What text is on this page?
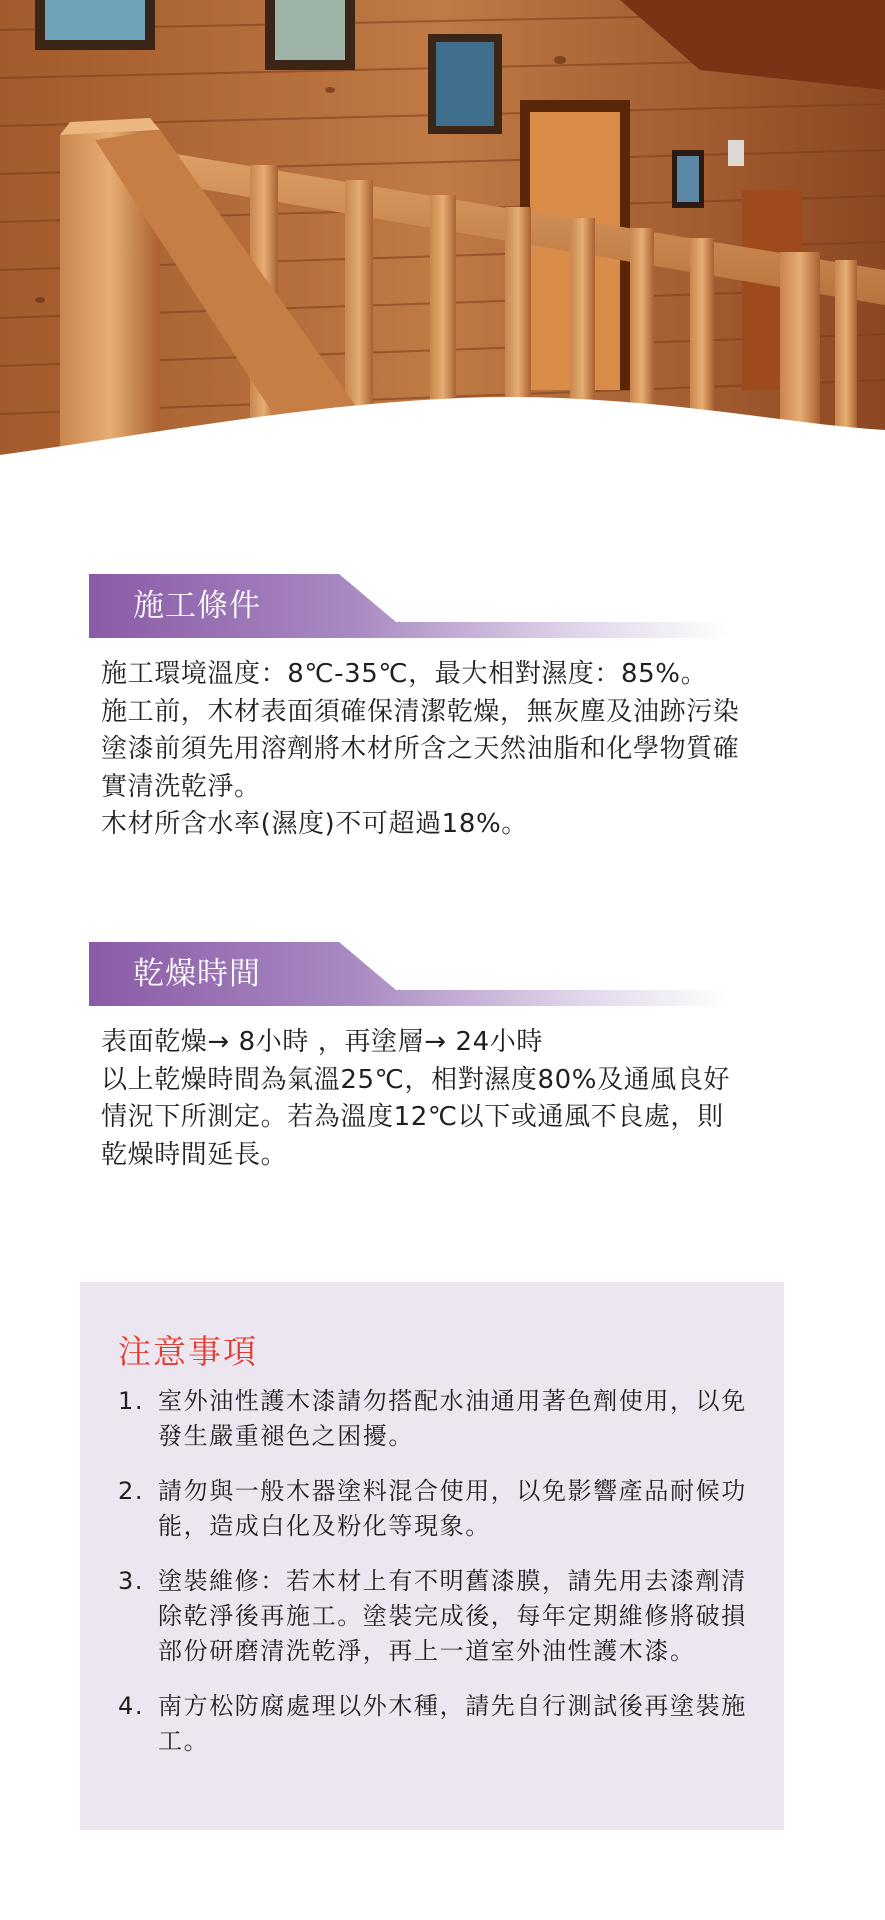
施工條件

施工環境溫度：8℃-35℃，最大相對濕度：85%。

施工前，木材表面須確保清潔乾燥，無灰塵及油跡污染

塗漆前須先用溶劑將木材所含之天然油脂和化學物質確

實清洗乾淨。

木材所含水率(濕度)不可超過18%。

乾燥時間

表面乾燥→ 8小時 ，再塗層→ 24小時

以上乾燥時間為氣溫25℃，相對濕度80%及通風良好

情況下所測定。若為溫度12℃以下或通風不良處，則

乾燥時間延長。

注意事項
1. 室外油性護木漆請勿搭配水油通用著色劑使用，以免發生嚴重褪色之困擾。
2. 請勿與一般木器塗料混合使用，以免影響產品耐候功能，造成白化及粉化等現象。
3. 塗裝維修：若木材上有不明舊漆膜，請先用去漆劑清除乾淨後再施工。塗裝完成後，每年定期維修將破損部份研磨清洗乾淨，再上一道室外油性護木漆。
4. 南方松防腐處理以外木種，請先自行測試後再塗裝施工。
